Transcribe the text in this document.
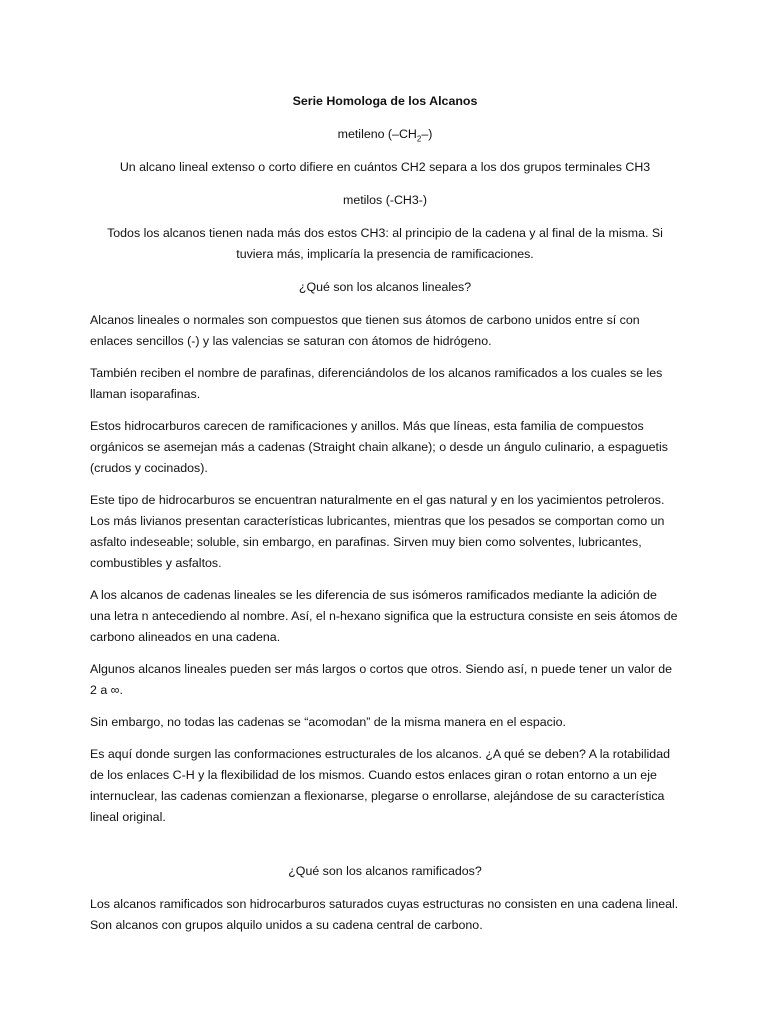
Serie Homologa de los Alcanos
metileno $(-CH_2-)$
Un alcano lineal extenso o corto difiere en cuántos CH2 separa a los dos grupos terminales CH3
metilos (-CH3-)
Todos los alcanos tienen nada más dos estos CH3: al principio de la cadena y al final de la misma. Si tuviera más, implicaría la presencia de ramificaciones.
¿Qué son los alcanos lineales?

Alcanos lineales o normales son compuestos que tienen sus átomos de carbono unidos entre sí con enlaces sencillos (-) y las valencias se saturan con átomos de hidrógeno.

También reciben el nombre de parafinas, diferenciándolos de los alcanos ramificados a los cuales se les llaman isoparafinas.

Estos hidrocarburos carecen de ramificaciones y anillos. Más que líneas, esta familia de compuestos orgánicos se asemejan más a cadenas (Straight chain alkane); o desde un ángulo culinario, a espaguetis (crudos y cocinados).

Este tipo de hidrocarburos se encuentran naturalmente en el gas natural y en los yacimientos petroleros. Los más livianos presentan características lubricantes, mientras que los pesados se comportan como un asfalto indeseable; soluble, sin embargo, en parafinas. Sirven muy bien como solventes, lubricantes, combustibles y asfaltos.

A los alcanos de cadenas lineales se les diferencia de sus isómeros ramificados mediante la adición de una letra n antecediendo al nombre. Así, el n-hexano significa que la estructura consiste en seis átomos de carbono alineados en una cadena.

Algunos alcanos lineales pueden ser más largos o cortos que otros. Siendo así, n puede tener un valor de 2 a ∞.

Sin embargo, no todas las cadenas se “acomodan” de la misma manera en el espacio.

Es aquí donde surgen las conformaciones estructurales de los alcanos. ¿A qué se deben? A la rotabilidad de los enlaces C-H y la flexibilidad de los mismos. Cuando estos enlaces giran o rotan entorno a un eje internuclear, las cadenas comienzan a flexionarse, plegarse o enrollarse, alejándose de su característica lineal original.

¿Qué son los alcanos ramificados?

Los alcanos ramificados son hidrocarburos saturados cuyas estructuras no consisten en una cadena lineal. Son alcanos con grupos alquilo unidos a su cadena central de carbono.
